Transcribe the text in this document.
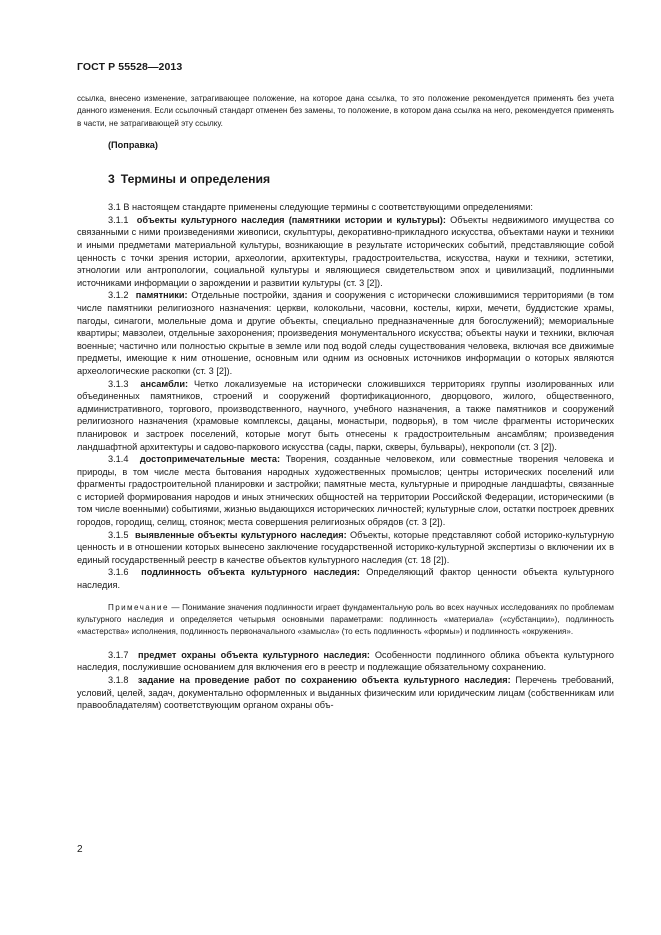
ГОСТ Р 55528—2013

ссылка, внесено изменение, затрагивающее положение, на которое дана ссылка, то это положение рекомендуется применять без учета данного изменения. Если ссылочный стандарт отменен без замены, то положение, в котором дана ссылка на него, рекомендуется применять в части, не затрагивающей эту ссылку.

(Поправка)

3 Термины и определения

3.1 В настоящем стандарте применены следующие термины с соответствующими определениями:

3.1.1 объекты культурного наследия (памятники истории и культуры): Объекты недвижимого имущества со связанными с ними произведениями живописи, скульптуры, декоративно-прикладного искусства, объектами науки и техники и иными предметами материальной культуры, возникающие в результате исторических событий, представляющие собой ценность с точки зрения истории, археологии, архитектуры, градостроительства, искусства, науки и техники, эстетики, этнологии или антропологии, социальной культуры и являющиеся свидетельством эпох и цивилизаций, подлинными источниками информации о зарождении и развитии культуры (ст. 3 [2]).

3.1.2 памятники: Отдельные постройки, здания и сооружения с исторически сложившимися территориями (в том числе памятники религиозного назначения: церкви, колокольни, часовни, костелы, кирхи, мечети, буддистские храмы, пагоды, синагоги, молельные дома и другие объекты, специально предназначенные для богослужений); мемориальные квартиры; мавзолеи, отдельные захоронения; произведения монументального искусства; объекты науки и техники, включая военные; частично или полностью скрытые в земле или под водой следы существования человека, включая все движимые предметы, имеющие к ним отношение, основным или одним из основных источников информации о которых являются археологические раскопки (ст. 3 [2]).

3.1.3 ансамбли: Четко локализуемые на исторически сложившихся территориях группы изолированных или объединенных памятников, строений и сооружений фортификационного, дворцового, жилого, общественного, административного, торгового, производственного, научного, учебного назначения, а также памятников и сооружений религиозного назначения (храмовые комплексы, дацаны, монастыри, подворья), в том числе фрагменты исторических планировок и застроек поселений, которые могут быть отнесены к градостроительным ансамблям; произведения ландшафтной архитектуры и садово-паркового искусства (сады, парки, скверы, бульвары), некрополи (ст. 3 [2]).

3.1.4 достопримечательные места: Творения, созданные человеком, или совместные творения человека и природы, в том числе места бытования народных художественных промыслов; центры исторических поселений или фрагменты градостроительной планировки и застройки; памятные места, культурные и природные ландшафты, связанные с историей формирования народов и иных этнических общностей на территории Российской Федерации, историческими (в том числе военными) событиями, жизнью выдающихся исторических личностей; культурные слои, остатки построек древних городов, городищ, селищ, стоянок; места совершения религиозных обрядов (ст. 3 [2]).

3.1.5 выявленные объекты культурного наследия: Объекты, которые представляют собой историко-культурную ценность и в отношении которых вынесено заключение государственной историко-культурной экспертизы о включении их в единый государственный реестр в качестве объектов культурного наследия (ст. 18 [2]).

3.1.6 подлинность объекта культурного наследия: Определяющий фактор ценности объекта культурного наследия.

Примечание — Понимание значения подлинности играет фундаментальную роль во всех научных исследованиях по проблемам культурного наследия и определяется четырьмя основными параметрами: подлинность «материала» («субстанции»), подлинность «мастерства» исполнения, подлинность первоначального «замысла» (то есть подлинность «формы») и подлинность «окружения».

3.1.7 предмет охраны объекта культурного наследия: Особенности подлинного облика объекта культурного наследия, послужившие основанием для включения его в реестр и подлежащие обязательному сохранению.

3.1.8 задание на проведение работ по сохранению объекта культурного наследия: Перечень требований, условий, целей, задач, документально оформленных и выданных физическим или юридическим лицам (собственникам или правообладателям) соответствующим органом охраны объ-

2
